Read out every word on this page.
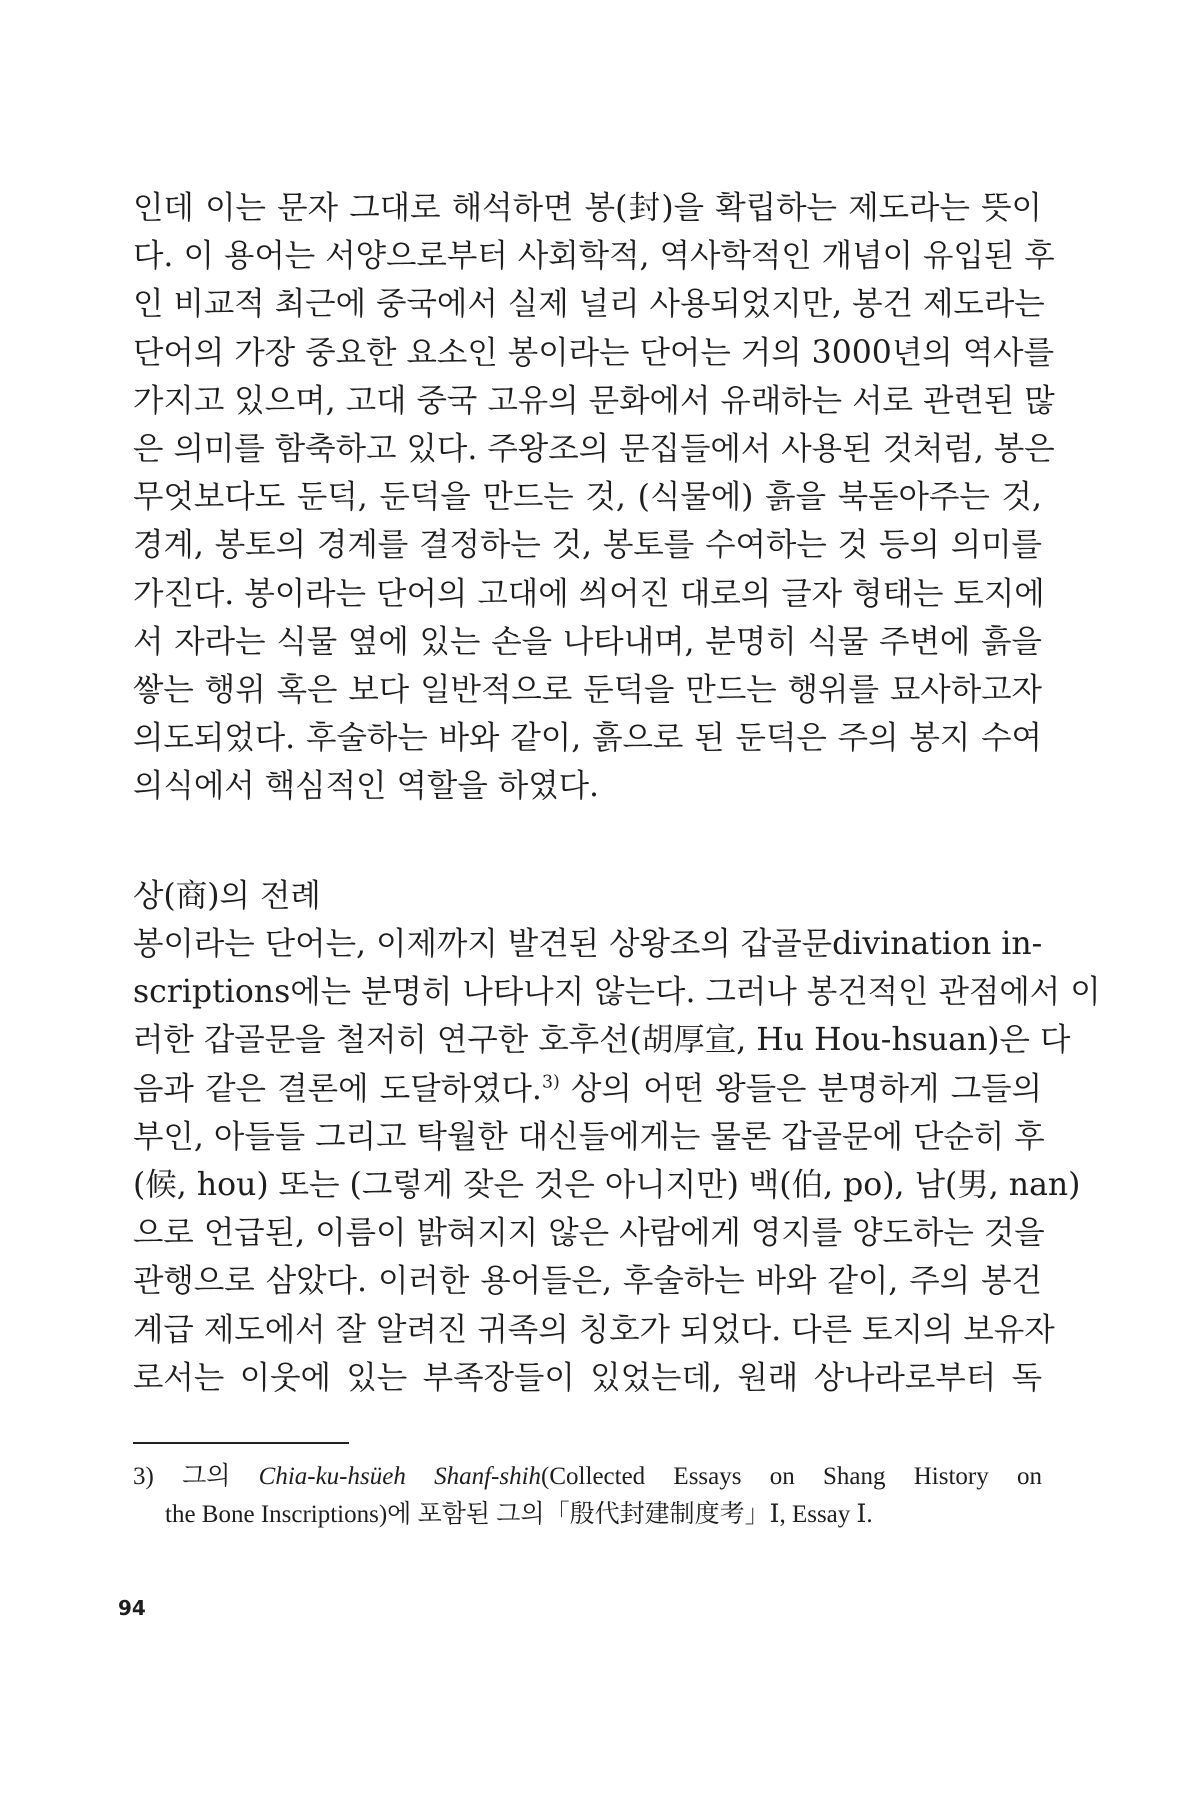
인데 이는 문자 그대로 해석하면 봉(封)을 확립하는 제도라는 뜻이
다. 이 용어는 서양으로부터 사회학적, 역사학적인 개념이 유입된 후
인 비교적 최근에 중국에서 실제 널리 사용되었지만, 봉건 제도라는
단어의 가장 중요한 요소인 봉이라는 단어는 거의 3000년의 역사를
가지고 있으며, 고대 중국 고유의 문화에서 유래하는 서로 관련된 많
은 의미를 함축하고 있다. 주왕조의 문집들에서 사용된 것처럼, 봉은
무엇보다도 둔덕, 둔덕을 만드는 것, (식물에) 흙을 북돋아주는 것,
경계, 봉토의 경계를 결정하는 것, 봉토를 수여하는 것 등의 의미를
가진다. 봉이라는 단어의 고대에 씌어진 대로의 글자 형태는 토지에
서 자라는 식물 옆에 있는 손을 나타내며, 분명히 식물 주변에 흙을
쌓는 행위 혹은 보다 일반적으로 둔덕을 만드는 행위를 묘사하고자
의도되었다. 후술하는 바와 같이, 흙으로 된 둔덕은 주의 봉지 수여
의식에서 핵심적인 역할을 하였다.
상(商)의 전례
봉이라는 단어는, 이제까지 발견된 상왕조의 갑골문divination in-
scriptions에는 분명히 나타나지 않는다. 그러나 봉건적인 관점에서 이
러한 갑골문을 철저히 연구한 호후선(胡厚宣, Hu Hou-hsuan)은 다
음과 같은 결론에 도달하였다.$^{3)}$ 상의 어떤 왕들은 분명하게 그들의
부인, 아들들 그리고 탁월한 대신들에게는 물론 갑골문에 단순히 후
(候, hou) 또는 (그렇게 잦은 것은 아니지만) 백(伯, po), 남(男, nan)
으로 언급된, 이름이 밝혀지지 않은 사람에게 영지를 양도하는 것을
관행으로 삼았다. 이러한 용어들은, 후술하는 바와 같이, 주의 봉건
계급 제도에서 잘 알려진 귀족의 칭호가 되었다. 다른 토지의 보유자
로서는 이웃에 있는 부족장들이 있었는데, 원래 상나라로부터 독
3) 그의 Chia-ku-hsüeh Shanf-shih(Collected Essays on Shang History on
the Bone Inscriptions)에 포함된 그의「殷代封建制度考」Ⅰ, Essay Ⅰ.
94
